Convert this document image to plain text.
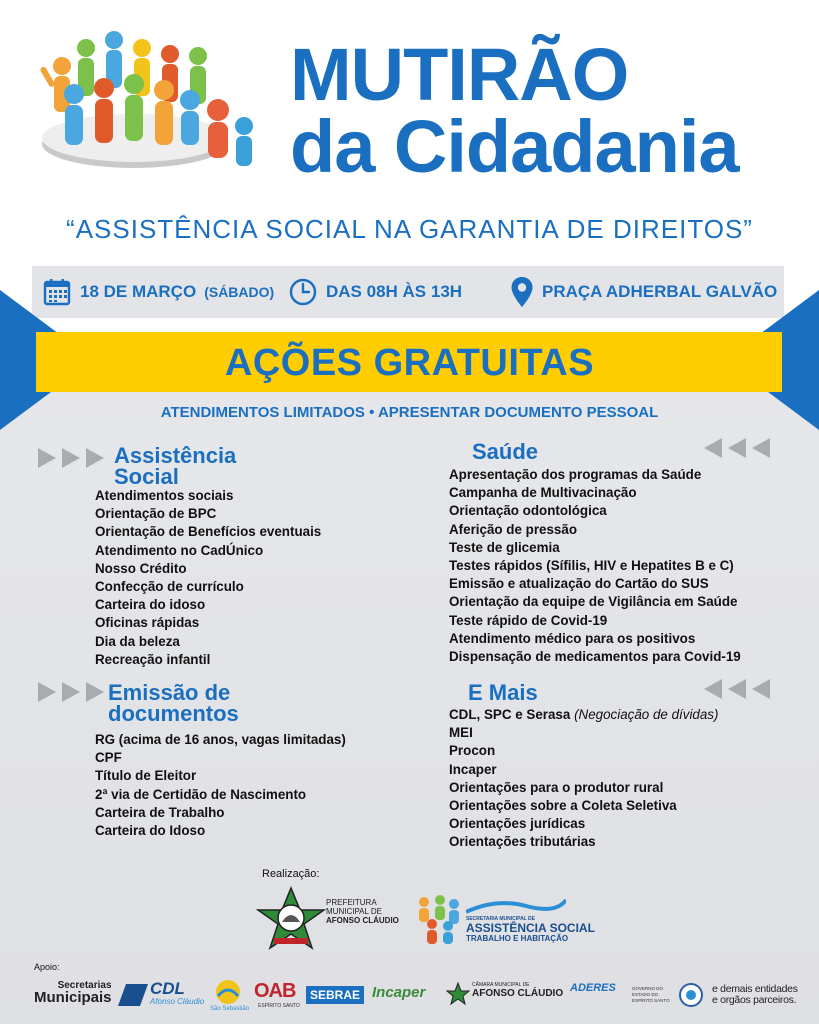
MUTIRÃO
da Cidadania
“ASSISTÊNCIA SOCIAL NA GARANTIA DE DIREITOS”
18 DE MARÇO (SÁBADO)	DAS 08H ÀS 13H	PRAÇA ADHERBAL GALVÃO
AÇÕES GRATUITAS
ATENDIMENTOS LIMITADOS • APRESENTAR DOCUMENTO PESSOAL
Assistência
Social
Atendimentos sociais
Orientação de BPC
Orientação de Benefícios eventuais
Atendimento no CadÚnico
Nosso Crédito
Confecção de currículo
Carteira do idoso
Oficinas rápidas
Dia da beleza
Recreação infantil
Saúde
Apresentação dos programas da Saúde
Campanha de Multivacinação
Orientação odontológica
Aferição de pressão
Teste de glicemia
Testes rápidos (Sífilis, HIV e Hepatites B e C)
Emissão e atualização do Cartão do SUS
Orientação da equipe de Vigilância em Saúde
Teste rápido de Covid-19
Atendimento médico para os positivos
Dispensação de medicamentos para Covid-19
Emissão de
documentos
RG (acima de 16 anos, vagas limitadas)
CPF
Título de Eleitor
2ª via de Certidão de Nascimento
Carteira de Trabalho
Carteira do Idoso
E Mais
CDL, SPC e Serasa (Negociação de dívidas)
MEI
Procon
Incaper
Orientações para o produtor rural
Orientações sobre a Coleta Seletiva
Orientações jurídicas
Orientações tributárias
Realização:
PREFEITURA
MUNICIPAL DE
AFONSO CLÁUDIO	SECRETARIA MUNICIPAL DE
ASSISTÊNCIA SOCIAL
TRABALHO E HABITAÇÃO
Apoio:
Secretarias
Municipais CDL
Afonso Cláudio
São Sebastião
OAB
ESPÍRITO SANTO
SEBRAE Incaper	CÂMARA MUNICIPAL DE
AFONSO CLÁUDIO ADERES	GOVERNO DO ESTADO DO ESPÍRITO SANTO
e demais entidades
e orgãos parceiros.
